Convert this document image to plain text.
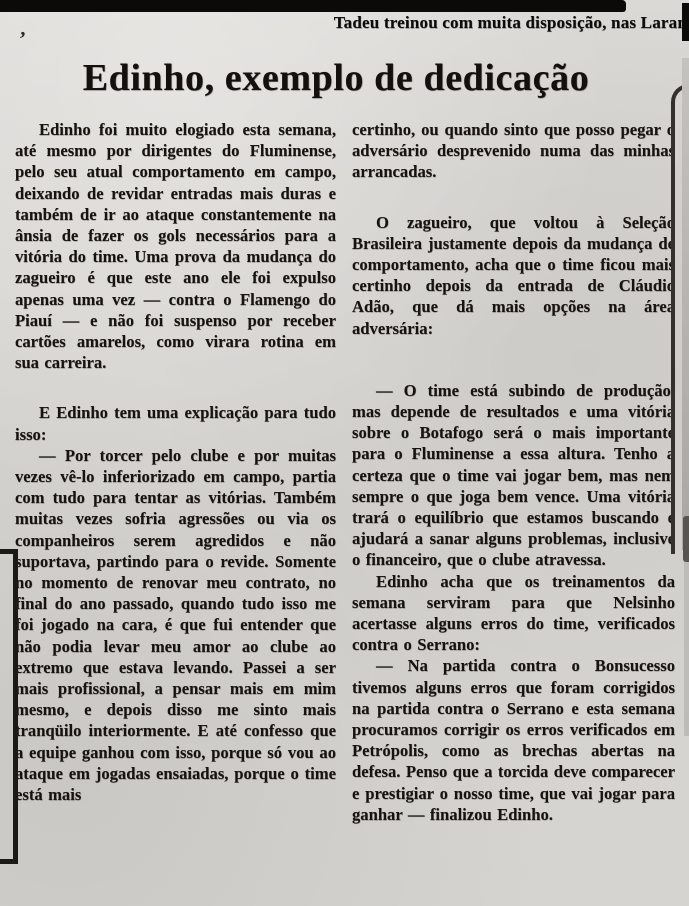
Tadeu treinou com muita disposição, nas Laran
,
Edinho, exemplo de dedicação

Edinho foi muito elogiado esta semana, até mesmo por dirigentes do Fluminense, pelo seu atual comportamento em campo, deixando de revidar entradas mais duras e também de ir ao ataque constantemente na ânsia de fazer os gols necessários para a vitória do time. Uma prova da mudança do zagueiro é que este ano ele foi expulso apenas uma vez — contra o Flamengo do Piauí — e não foi suspenso por receber cartões amarelos, como virara rotina em sua carreira.

E Edinho tem uma explicação para tudo isso:

— Por torcer pelo clube e por muitas vezes vê-lo inferiorizado em campo, partia com tudo para tentar as vitórias. Também muitas vezes sofria agressões ou via os companheiros serem agredidos e não suportava, partindo para o revide. Somente no momento de renovar meu contrato, no final do ano passado, quando tudo isso me foi jogado na cara, é que fui entender que não podia levar meu amor ao clube ao extremo que estava levando. Passei a ser mais profissional, a pensar mais em mim mesmo, e depois disso me sinto mais tranqüilo interiormente. E até confesso que a equipe ganhou com isso, porque só vou ao ataque em jogadas ensaiadas, porque o time está mais

certinho, ou quando sinto que posso pegar o adversário desprevenido numa das minhas arrancadas.

O zagueiro, que voltou à Seleção Brasileira justamente depois da mudança de comportamento, acha que o time ficou mais certinho depois da entrada de Cláudio Adão, que dá mais opções na área adversária:

— O time está subindo de produção, mas depende de resultados e uma vitória sobre o Botafogo será o mais importante para o Fluminense a essa altura. Tenho a certeza que o time vai jogar bem, mas nem sempre o que joga bem vence. Uma vitória trará o equilíbrio que estamos buscando e ajudará a sanar alguns problemas, inclusive o financeiro, que o clube atravessa.

Edinho acha que os treinamentos da semana serviram para que Nelsinho acertasse alguns erros do time, verificados contra o Serrano:

— Na partida contra o Bonsucesso tivemos alguns erros que foram corrigidos na partida contra o Serrano e esta semana procuramos corrigir os erros verificados em Petrópolis, como as brechas abertas na defesa. Penso que a torcida deve comparecer e prestigiar o nosso time, que vai jogar para ganhar — finalizou Edinho.
